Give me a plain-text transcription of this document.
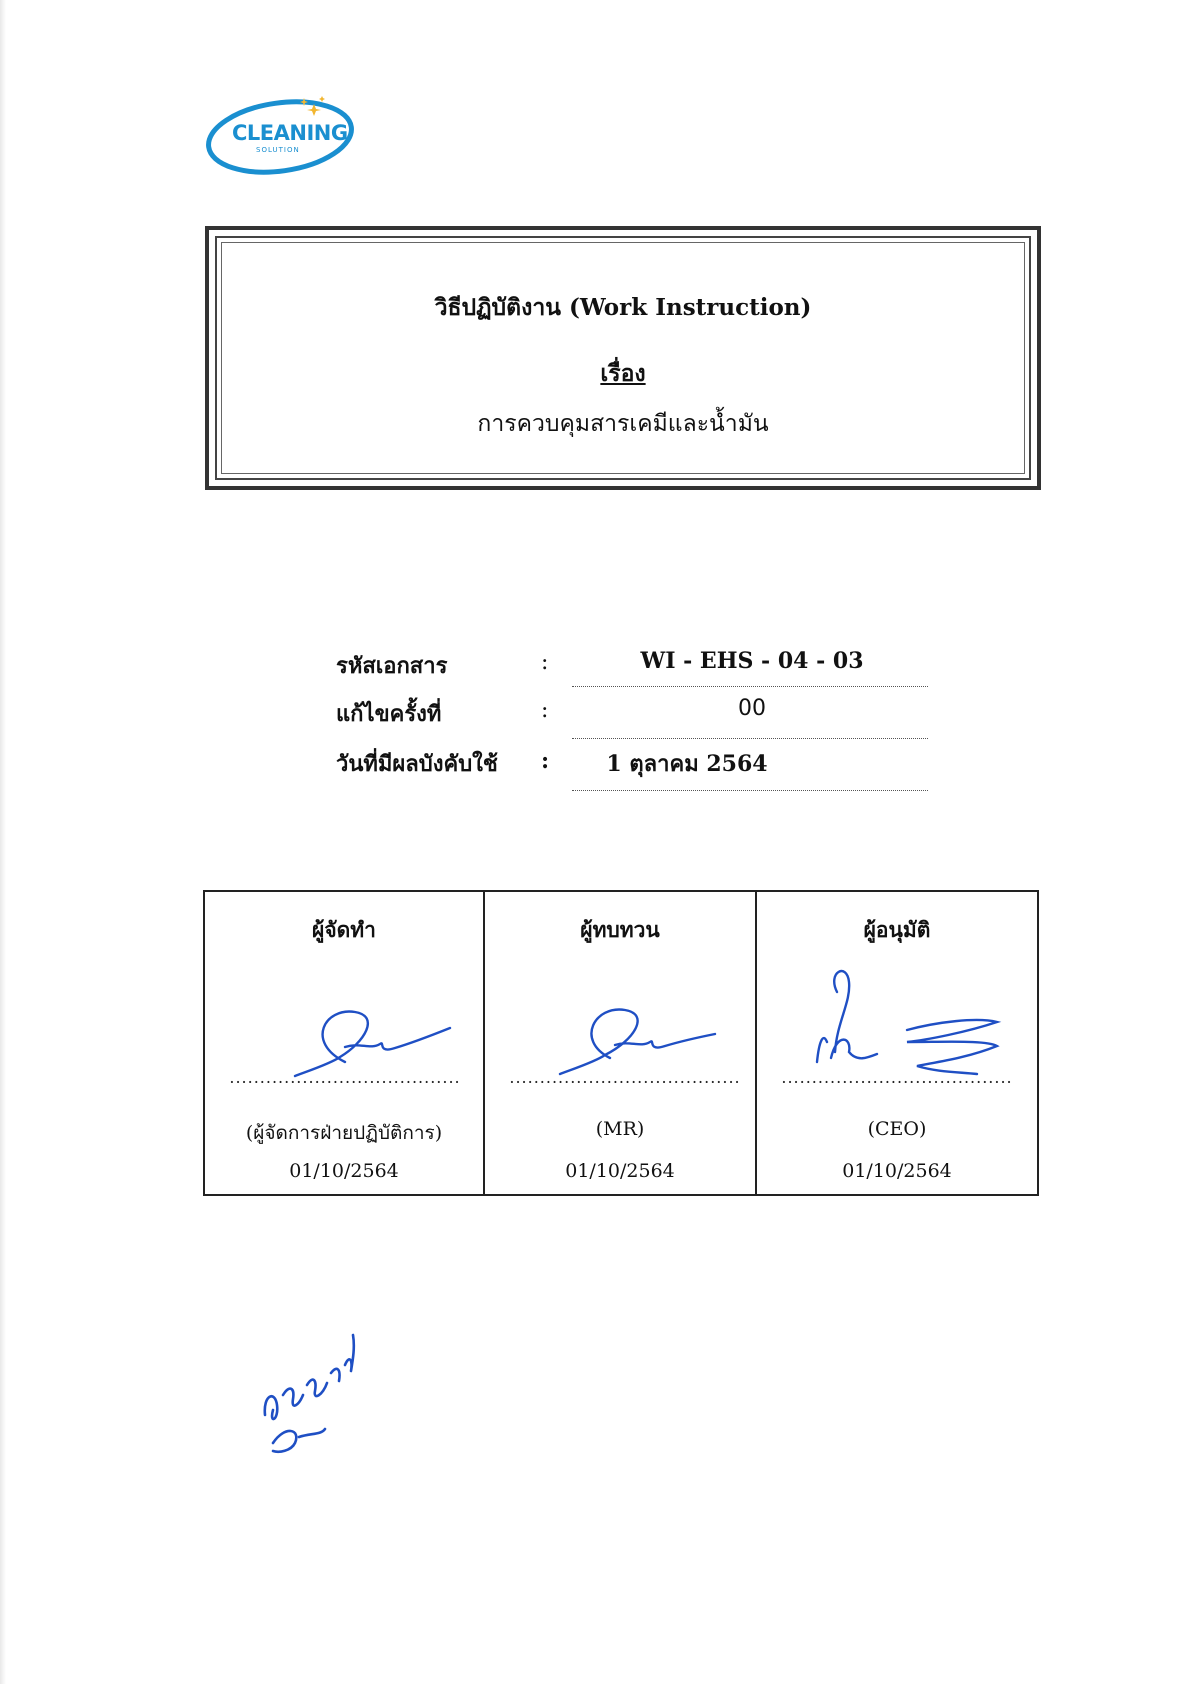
CLEANING
SOLUTION
วิธีปฏิบัติงาน (Work Instruction)
เรื่อง
การควบคุมสารเคมีและน้ำมัน
รหัสเอกสาร	:	WI - EHS - 04 - 03
แก้ไขครั้งที่	:	00
วันที่มีผลบังคับใช้ :	1 ตุลาคม 2564
ผู้จัดทำ
......................................
(ผู้จัดการฝ่ายปฏิบัติการ)
01/10/2564
ผู้ทบทวน
......................................
(MR)
01/10/2564
ผู้อนุมัติ
......................................
(CEO)
01/10/2564
